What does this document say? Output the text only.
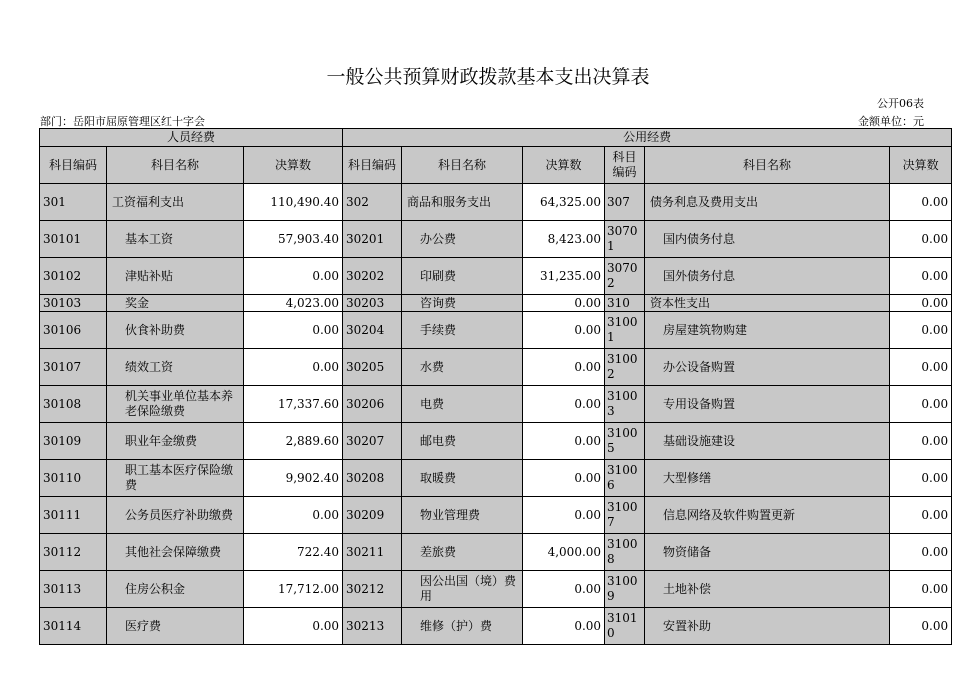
一般公共预算财政拨款基本支出决算表
公开06表
部门：岳阳市屈原管理区红十字会	金额单位：元
人员经费			公用经费					
科目编码	科目名称	决算数	科目编码	科目名称	决算数	科目编码	科目名称	决算数
301	工资福利支出	110,490.40	302	商品和服务支出	64,325.00	307	债务利息及费用支出	0.00
30101	基本工资	57,903.40	30201	办公费	8,423.00	30701	国内债务付息	0.00
30102	津贴补贴	0.00	30202	印刷费	31,235.00	30702	国外债务付息	0.00
30103	奖金	4,023.00	30203	咨询费	0.00	310	资本性支出	0.00
30106	伙食补助费	0.00	30204	手续费	0.00	31001	房屋建筑物购建	0.00
30107	绩效工资	0.00	30205	水费	0.00	31002	办公设备购置	0.00
30108	机关事业单位基本养老保险缴费	17,337.60	30206	电费	0.00	31003	专用设备购置	0.00
30109	职业年金缴费	2,889.60	30207	邮电费	0.00	31005	基础设施建设	0.00
30110	职工基本医疗保险缴费	9,902.40	30208	取暖费	0.00	31006	大型修缮	0.00
30111	公务员医疗补助缴费	0.00	30209	物业管理费	0.00	31007	信息网络及软件购置更新	0.00
30112	其他社会保障缴费	722.40	30211	差旅费	4,000.00	31008	物资储备	0.00
30113	住房公积金	17,712.00	30212	因公出国（境）费用	0.00	31009	土地补偿	0.00
30114	医疗费	0.00	30213	维修（护）费	0.00	31010	安置补助	0.00
